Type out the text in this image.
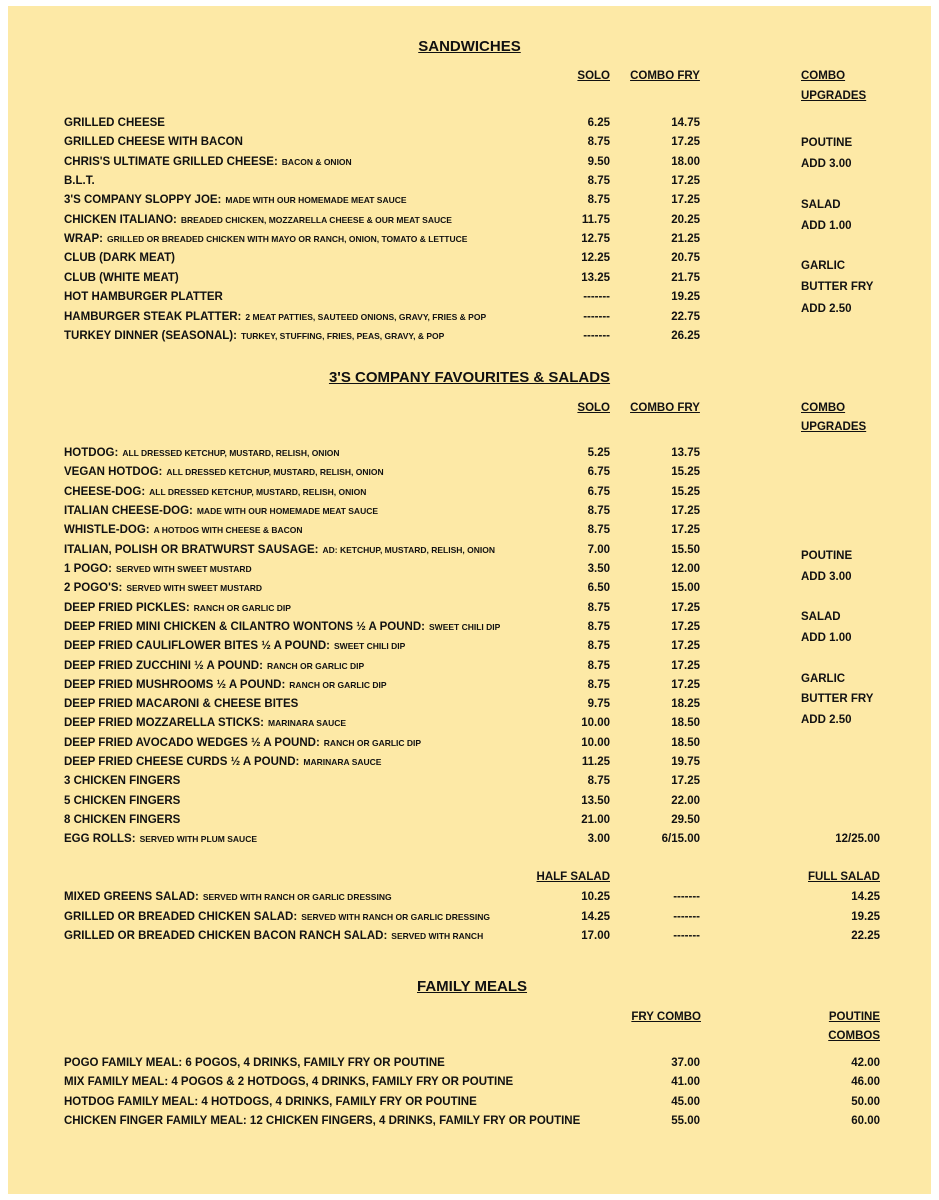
SANDWICHES
SOLO	COMBO FRY	COMBO
UPGRADES
GRILLED CHEESE	6.25	14.75
GRILLED CHEESE WITH BACON	8.75	17.25
CHRIS'S ULTIMATE GRILLED CHEESE: BACON & ONION	9.50	18.00
B.L.T.	8.75	17.25
3'S COMPANY SLOPPY JOE: MADE WITH OUR HOMEMADE MEAT SAUCE	8.75	17.25
CHICKEN ITALIANO: BREADED CHICKEN, MOZZARELLA CHEESE & OUR MEAT SAUCE	11.75	20.25
WRAP: GRILLED OR BREADED CHICKEN WITH MAYO OR RANCH, ONION, TOMATO & LETTUCE	12.75	21.25
CLUB (DARK MEAT)	12.25	20.75
CLUB (WHITE MEAT)	13.25	21.75
HOT HAMBURGER PLATTER	-------	19.25
HAMBURGER STEAK PLATTER: 2 MEAT PATTIES, SAUTEED ONIONS, GRAVY, FRIES & POP	-------	22.75
TURKEY DINNER (SEASONAL): TURKEY, STUFFING, FRIES, PEAS, GRAVY, & POP	-------	26.25
POUTINE
ADD 3.00
SALAD
ADD 1.00
GARLIC
BUTTER FRY
ADD 2.50
3'S COMPANY FAVOURITES & SALADS
SOLO	COMBO FRY	COMBO
UPGRADES
HOTDOG: ALL DRESSED KETCHUP, MUSTARD, RELISH, ONION	5.25	13.75
VEGAN HOTDOG: ALL DRESSED KETCHUP, MUSTARD, RELISH, ONION	6.75	15.25
CHEESE-DOG: ALL DRESSED KETCHUP, MUSTARD, RELISH, ONION	6.75	15.25
ITALIAN CHEESE-DOG: MADE WITH OUR HOMEMADE MEAT SAUCE	8.75	17.25
WHISTLE-DOG: A HOTDOG WITH CHEESE & BACON	8.75	17.25
ITALIAN, POLISH OR BRATWURST SAUSAGE: AD: KETCHUP, MUSTARD, RELISH, ONION	7.00	15.50
1 POGO: SERVED WITH SWEET MUSTARD	3.50	12.00
2 POGO'S: SERVED WITH SWEET MUSTARD	6.50	15.00
DEEP FRIED PICKLES: RANCH OR GARLIC DIP	8.75	17.25
DEEP FRIED MINI CHICKEN & CILANTRO WONTONS ½ A POUND: SWEET CHILI DIP	8.75	17.25
DEEP FRIED CAULIFLOWER BITES ½ A POUND: SWEET CHILI DIP	8.75	17.25
DEEP FRIED ZUCCHINI ½ A POUND: RANCH OR GARLIC DIP	8.75	17.25
DEEP FRIED MUSHROOMS ½ A POUND: RANCH OR GARLIC DIP	8.75	17.25
DEEP FRIED MACARONI & CHEESE BITES	9.75	18.25
DEEP FRIED MOZZARELLA STICKS: MARINARA SAUCE	10.00	18.50
DEEP FRIED AVOCADO WEDGES ½ A POUND: RANCH OR GARLIC DIP	10.00	18.50
DEEP FRIED CHEESE CURDS ½ A POUND: MARINARA SAUCE	11.25	19.75
3 CHICKEN FINGERS	8.75	17.25
5 CHICKEN FINGERS	13.50	22.00
8 CHICKEN FINGERS	21.00	29.50
EGG ROLLS: SERVED WITH PLUM SAUCE	3.00	6/15.00	12/25.00
POUTINE
ADD 3.00
SALAD
ADD 1.00
GARLIC
BUTTER FRY
ADD 2.50
HALF SALAD	FULL SALAD
MIXED GREENS SALAD: SERVED WITH RANCH OR GARLIC DRESSING	10.25	-------	14.25
GRILLED OR BREADED CHICKEN SALAD: SERVED WITH RANCH OR GARLIC DRESSING	14.25	-------	19.25
GRILLED OR BREADED CHICKEN BACON RANCH SALAD: SERVED WITH RANCH	17.00	-------	22.25
FAMILY MEALS
FRY COMBO	POUTINE
COMBOS
POGO FAMILY MEAL: 6 POGOS, 4 DRINKS, FAMILY FRY OR POUTINE	37.00	42.00
MIX FAMILY MEAL: 4 POGOS & 2 HOTDOGS, 4 DRINKS, FAMILY FRY OR POUTINE	41.00	46.00
HOTDOG FAMILY MEAL: 4 HOTDOGS, 4 DRINKS, FAMILY FRY OR POUTINE	45.00	50.00
CHICKEN FINGER FAMILY MEAL: 12 CHICKEN FINGERS, 4 DRINKS, FAMILY FRY OR POUTINE	55.00	60.00
